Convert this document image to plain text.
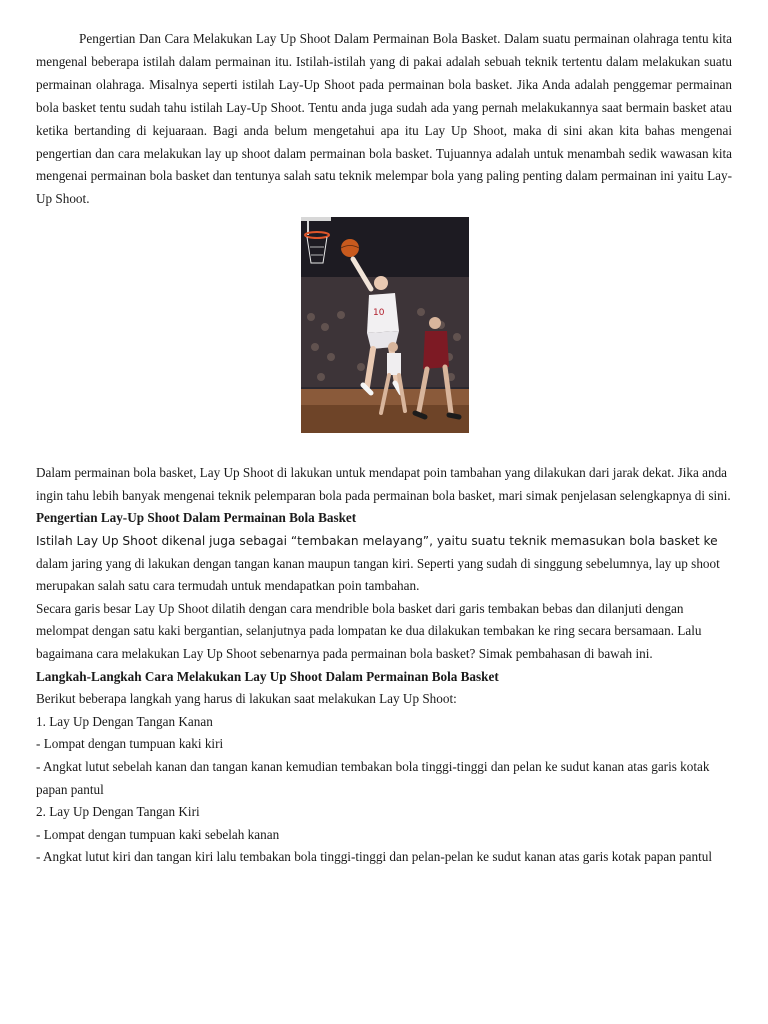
Pengertian Dan Cara Melakukan Lay Up Shoot Dalam Permainan Bola Basket. Dalam suatu permainan olahraga tentu kita mengenal beberapa istilah dalam permainan itu. Istilah-istilah yang di pakai adalah sebuah teknik tertentu dalam melakukan suatu permainan olahraga. Misalnya seperti istilah Lay-Up Shoot pada permainan bola basket. Jika Anda adalah penggemar permainan bola basket tentu sudah tahu istilah Lay-Up Shoot. Tentu anda juga sudah ada yang pernah melakukannya saat bermain basket atau ketika bertanding di kejuaraan. Bagi anda belum mengetahui apa itu Lay Up Shoot, maka di sini akan kita bahas mengenai pengertian dan cara melakukan lay up shoot dalam permainan bola basket. Tujuannya adalah untuk menambah sedik wawasan kita mengenai permainan bola basket dan tentunya salah satu teknik melempar bola yang paling penting dalam permainan ini yaitu Lay-Up Shoot.

10

Dalam permainan bola basket, Lay Up Shoot di lakukan untuk mendapat poin tambahan yang dilakukan dari jarak dekat. Jika anda ingin tahu lebih banyak mengenai teknik pelemparan bola pada permainan bola basket, mari simak penjelasan selengkapnya di sini.

Pengertian Lay-Up Shoot Dalam Permainan Bola Basket

Istilah Lay Up Shoot dikenal juga sebagai “tembakan melayang”, yaitu suatu teknik memasukan bola basket ke dalam jaring yang di lakukan dengan tangan kanan maupun tangan kiri. Seperti yang sudah di singgung sebelumnya, lay up shoot merupakan salah satu cara termudah untuk mendapatkan poin tambahan.

Secara garis besar Lay Up Shoot dilatih dengan cara mendrible bola basket dari garis tembakan bebas dan dilanjuti dengan melompat dengan satu kaki bergantian, selanjutnya pada lompatan ke dua dilakukan tembakan ke ring secara bersamaan. Lalu bagaimana cara melakukan Lay Up Shoot sebenarnya pada permainan bola basket? Simak pembahasan di bawah ini.

Langkah-Langkah Cara Melakukan Lay Up Shoot Dalam Permainan Bola Basket

Berikut beberapa langkah yang harus di lakukan saat melakukan Lay Up Shoot:

1. Lay Up Dengan Tangan Kanan

- Lompat dengan tumpuan kaki kiri

- Angkat lutut sebelah kanan dan tangan kanan kemudian tembakan bola tinggi-tinggi dan pelan ke sudut kanan atas garis kotak papan pantul

2. Lay Up Dengan Tangan Kiri

- Lompat dengan tumpuan kaki sebelah kanan

- Angkat lutut kiri dan tangan kiri lalu tembakan bola tinggi-tinggi dan pelan-pelan ke sudut kanan atas garis kotak papan pantul
